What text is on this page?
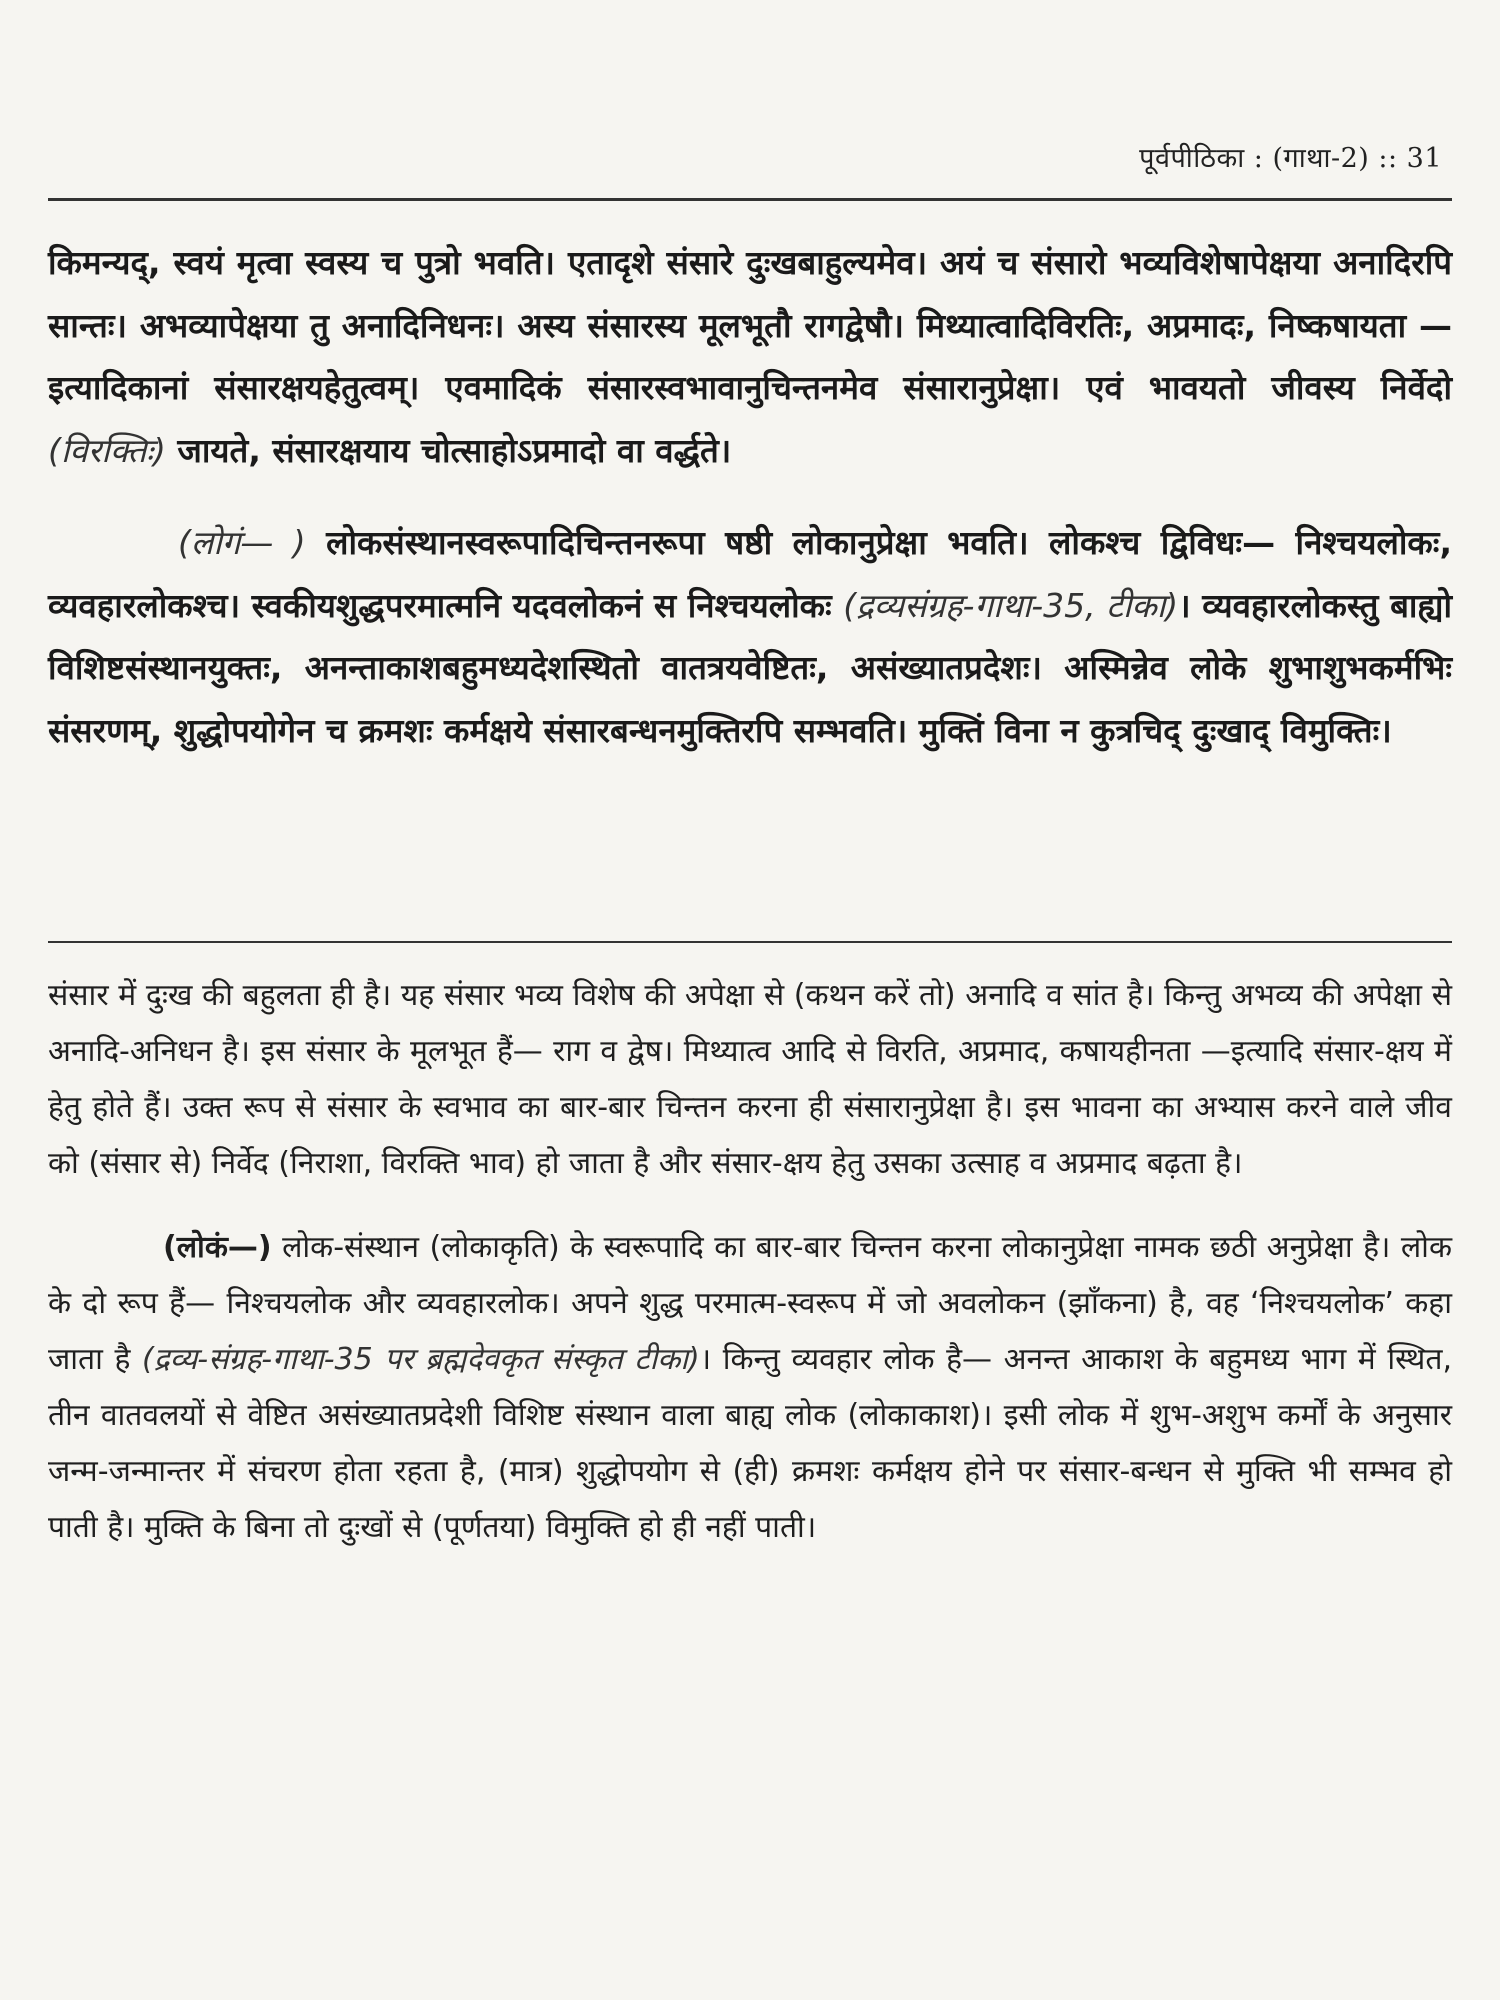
पूर्वपीठिका : (गाथा-2) :: 31

किमन्यद्, स्वयं मृत्वा स्वस्य च पुत्रो भवति। एतादृशे संसारे दुःखबाहुल्यमेव। अयं च संसारो भव्यविशेषापेक्षया अनादिरपि सान्तः। अभव्यापेक्षया तु अनादिनिधनः। अस्य संसारस्य मूलभूतौ रागद्वेषौ। मिथ्यात्वादिविरतिः, अप्रमादः, निष्कषायता —इत्यादिकानां संसारक्षयहेतुत्वम्। एवमादिकं संसारस्वभावानुचिन्तनमेव संसारानुप्रेक्षा। एवं भावयतो जीवस्य निर्वेदो (विरक्तिः) जायते, संसारक्षयाय चोत्साहोऽप्रमादो वा वर्द्धते।

(लोगं— ) लोकसंस्थानस्वरूपादिचिन्तनरूपा षष्ठी लोकानुप्रेक्षा भवति। लोकश्च द्विविधः— निश्चयलोकः, व्यवहारलोकश्च। स्वकीयशुद्धपरमात्मनि यदवलोकनं स निश्चयलोकः (द्रव्यसंग्रह-गाथा-35, टीका)। व्यवहारलोकस्तु बाह्यो विशिष्टसंस्थानयुक्तः, अनन्ताकाशबहुमध्यदेशस्थितो वातत्रयवेष्टितः, असंख्यातप्रदेशः। अस्मिन्नेव लोके शुभाशुभकर्मभिः संसरणम्, शुद्धोपयोगेन च क्रमशः कर्मक्षये संसारबन्धनमुक्तिरपि सम्भवति। मुक्तिं विना न कुत्रचिद् दुःखाद् विमुक्तिः।

संसार में दुःख की बहुलता ही है। यह संसार भव्य विशेष की अपेक्षा से (कथन करें तो) अनादि व सांत है। किन्तु अभव्य की अपेक्षा से अनादि-अनिधन है। इस संसार के मूलभूत हैं— राग व द्वेष। मिथ्यात्व आदि से विरति, अप्रमाद, कषायहीनता —इत्यादि संसार-क्षय में हेतु होते हैं। उक्त रूप से संसार के स्वभाव का बार-बार चिन्तन करना ही संसारानुप्रेक्षा है। इस भावना का अभ्यास करने वाले जीव को (संसार से) निर्वेद (निराशा, विरक्ति भाव) हो जाता है और संसार-क्षय हेतु उसका उत्साह व अप्रमाद बढ़ता है।

(लोकं—) लोक-संस्थान (लोकाकृति) के स्वरूपादि का बार-बार चिन्तन करना लोकानुप्रेक्षा नामक छठी अनुप्रेक्षा है। लोक के दो रूप हैं— निश्चयलोक और व्यवहारलोक। अपने शुद्ध परमात्म-स्वरूप में जो अवलोकन (झाँकना) है, वह ‘निश्चयलोक’ कहा जाता है (द्रव्य-संग्रह-गाथा-35 पर ब्रह्मदेवकृत संस्कृत टीका)। किन्तु व्यवहार लोक है— अनन्त आकाश के बहुमध्य भाग में स्थित, तीन वातवलयों से वेष्टित असंख्यातप्रदेशी विशिष्ट संस्थान वाला बाह्य लोक (लोकाकाश)। इसी लोक में शुभ-अशुभ कर्मों के अनुसार जन्म-जन्मान्तर में संचरण होता रहता है, (मात्र) शुद्धोपयोग से (ही) क्रमशः कर्मक्षय होने पर संसार-बन्धन से मुक्ति भी सम्भव हो पाती है। मुक्ति के बिना तो दुःखों से (पूर्णतया) विमुक्ति हो ही नहीं पाती।
